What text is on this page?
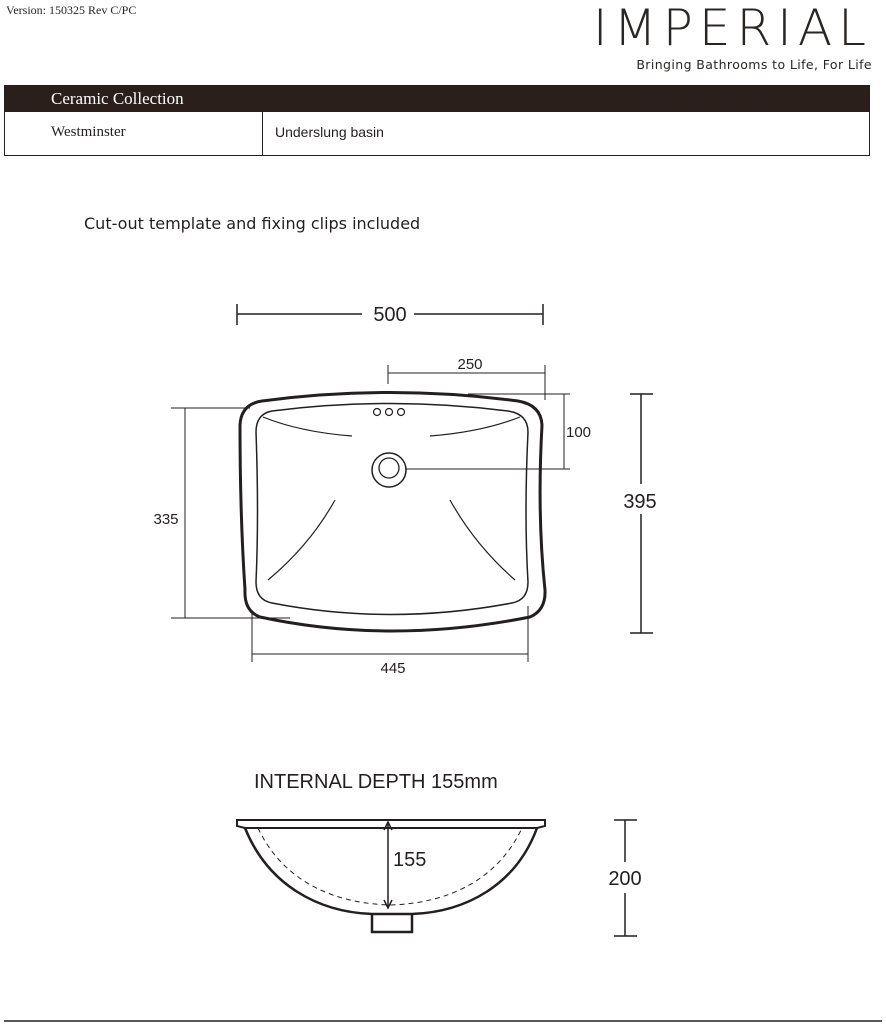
Version: 150325 Rev C/PC	IMPERIAL
Bringing Bathrooms to Life, For Life
Ceramic Collection
Westminster	Underslung basin
Cut-out template and fixing clips included
500
250
100
395
335
445
155
200
INTERNAL DEPTH 155mm
